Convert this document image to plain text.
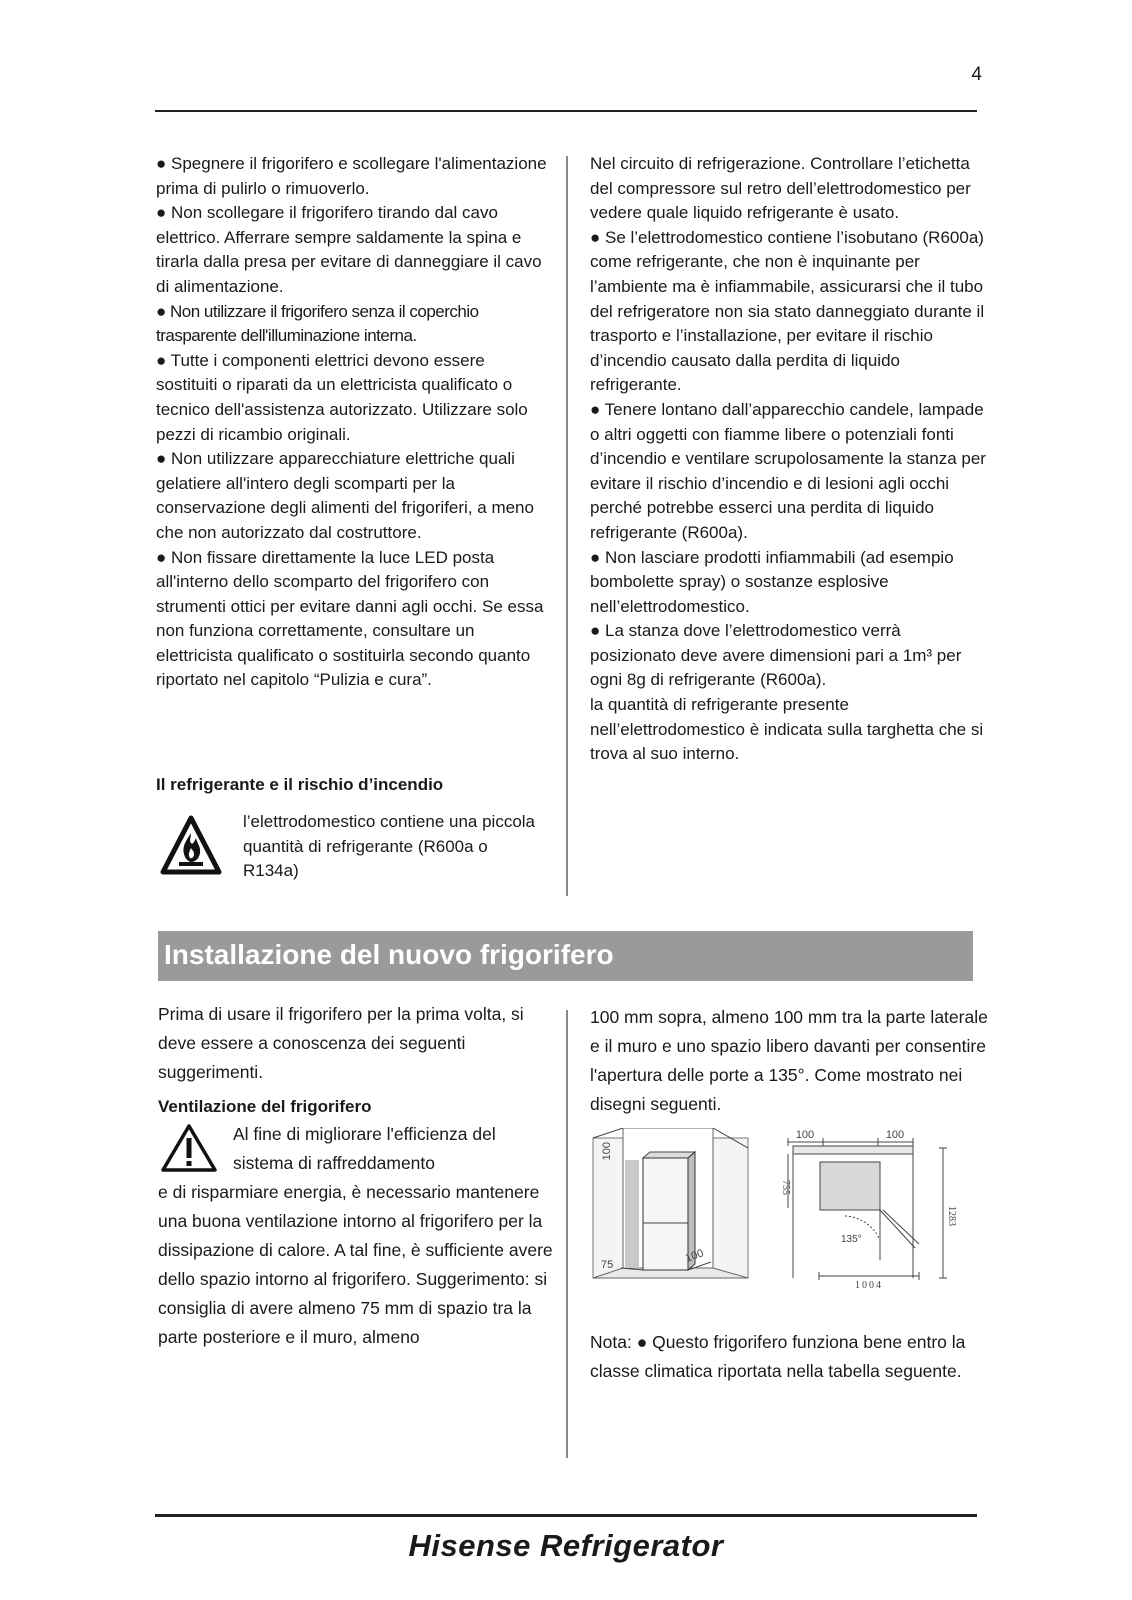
4

● Spegnere il frigorifero e scollegare l'alimentazione prima di pulirlo o rimuoverlo.

● Non scollegare il frigorifero tirando dal cavo elettrico. Afferrare sempre saldamente la spina e tirarla dalla presa per evitare di danneggiare il cavo di alimentazione.

● Non utilizzare il frigorifero senza il coperchio trasparente dell'illuminazione interna.

● Tutte i componenti elettrici devono essere sostituiti o riparati da un elettricista qualificato o tecnico dell'assistenza autorizzato. Utilizzare solo pezzi di ricambio originali.

● Non utilizzare apparecchiature elettriche quali gelatiere all'intero degli scomparti per la conservazione degli alimenti del frigoriferi, a meno che non autorizzato dal costruttore.

● Non fissare direttamente la luce LED posta all'interno dello scomparto del frigorifero con strumenti ottici per evitare danni agli occhi. Se essa non funziona correttamente, consultare un elettricista qualificato o sostituirla secondo quanto riportato nel capitolo “Pulizia e cura”.

Il refrigerante e il rischio d’incendio
l’elettrodomestico contiene una piccola quantità di refrigerante (R600a o R134a)

Nel circuito di refrigerazione. Controllare l’etichetta del compressore sul retro dell’elettrodomestico per vedere quale liquido refrigerante è usato.

● Se l’elettrodomestico contiene l’isobutano (R600a) come refrigerante, che non è inquinante per l’ambiente ma è infiammabile, assicurarsi che il tubo del refrigeratore non sia stato danneggiato durante il trasporto e l’installazione, per evitare il rischio d’incendio causato dalla perdita di liquido refrigerante.

● Tenere lontano dall’apparecchio candele, lampade o altri oggetti con fiamme libere o potenziali fonti d’incendio e ventilare scrupolosamente la stanza per evitare il rischio d’incendio e di lesioni agli occhi perché potrebbe esserci una perdita di liquido refrigerante (R600a).

● Non lasciare prodotti infiammabili (ad esempio bombolette spray) o sostanze esplosive nell’elettrodomestico.

● La stanza dove l’elettrodomestico verrà posizionato deve avere dimensioni pari a 1m³ per ogni 8g di refrigerante (R600a).

la quantità di refrigerante presente nell’elettrodomestico è indicata sulla targhetta che si trova al suo interno.

Installazione del nuovo frigorifero
Prima di usare il frigorifero per la prima volta, si deve essere a conoscenza dei seguenti suggerimenti.
Ventilazione del frigorifero
Al fine di migliorare l'efficienza del sistema di raffreddamento
e di risparmiare energia, è necessario mantenere una buona ventilazione intorno al frigorifero per la dissipazione di calore. A tal fine, è sufficiente avere dello spazio intorno al frigorifero. Suggerimento: si consiglia di avere almeno 75 mm di spazio tra la parte posteriore e il muro, almeno
100 mm sopra, almeno 100 mm tra la parte laterale e il muro e uno spazio libero davanti per consentire l'apertura delle porte a 135°. Come mostrato nei disegni seguenti.
100
75
100
100	100
755
1283
135°
1004
Nota: ● Questo frigorifero funziona bene entro la classe climatica riportata nella tabella seguente.
Hisense Refrigerator
